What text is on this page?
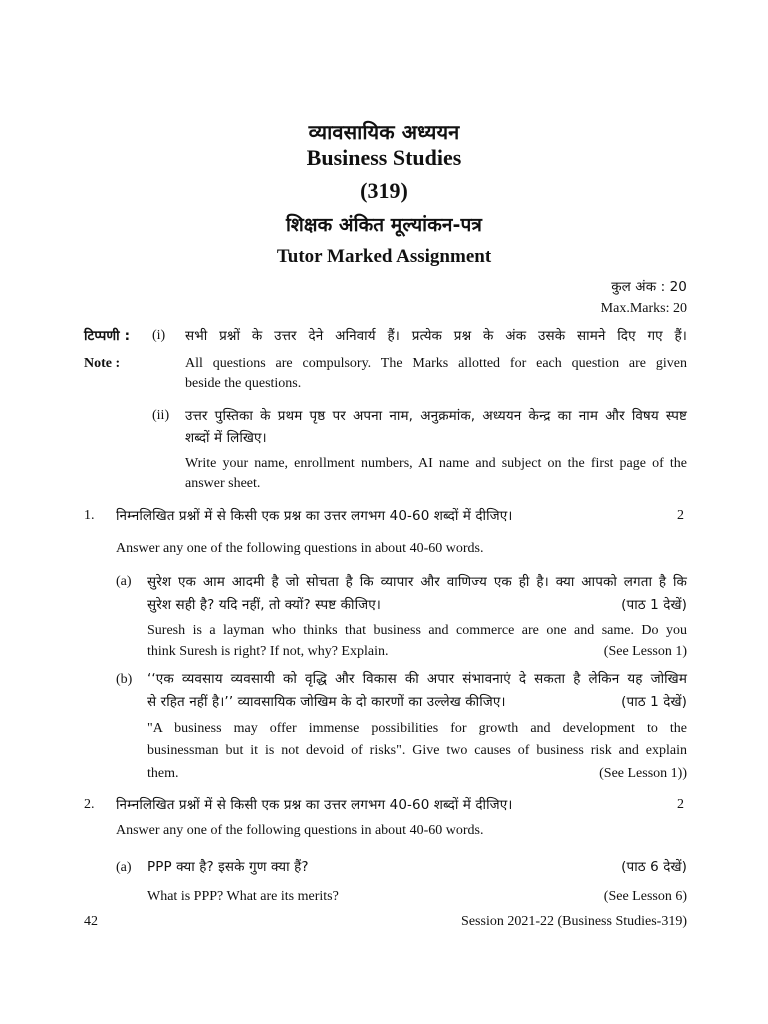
व्यावसायिक अध्ययन
Business Studies
(319)
शिक्षक अंकित मूल्यांकन-पत्र
Tutor Marked Assignment
कुल अंक : 20
Max.Marks: 20
टिप्पणी : (i) सभी प्रश्नों के उत्तर देने अनिवार्य हैं। प्रत्येक प्रश्न के अंक उसके सामने दिए गए हैं।
Note :	All questions are compulsory. The Marks allotted for each question are given
beside the questions.
(ii) उत्तर पुस्तिका के प्रथम पृष्ठ पर अपना नाम, अनुक्रमांक, अध्ययन केन्द्र का नाम और विषय स्पष्ट
शब्दों में लिखिए।
Write your name, enrollment numbers, AI name and subject on the first page of the
answer sheet.
1. निम्नलिखित प्रश्नों में से किसी एक प्रश्न का उत्तर लगभग 40-60 शब्दों में दीजिए।	2
Answer any one of the following questions in about 40-60 words.
(a) सुरेश एक आम आदमी है जो सोचता है कि व्यापार और वाणिज्य एक ही है। क्या आपको लगता है कि
सुरेश सही है? यदि नहीं, तो क्यों? स्पष्ट कीजिए।	(पाठ 1 देखें)
Suresh is a layman who thinks that business and commerce are one and same. Do you
think Suresh is right? If not, why? Explain.	(See Lesson 1)
(b) ‘‘एक व्यवसाय व्यवसायी को वृद्धि और विकास की अपार संभावनाएं दे सकता है लेकिन यह जोखिम
से रहित नहीं है।’’ व्यावसायिक जोखिम के दो कारणों का उल्लेख कीजिए।	(पाठ 1 देखें)
"A business may offer immense possibilities for growth and development to the
businessman but it is not devoid of risks". Give two causes of business risk and explain
them.	(See Lesson 1))
2. निम्नलिखित प्रश्नों में से किसी एक प्रश्न का उत्तर लगभग 40-60 शब्दों में दीजिए।	2
Answer any one of the following questions in about 40-60 words.
(a) PPP क्या है? इसके गुण क्या हैं?	(पाठ 6 देखें)
What is PPP? What are its merits?	(See Lesson 6)
42	Session 2021-22 (Business Studies-319)
